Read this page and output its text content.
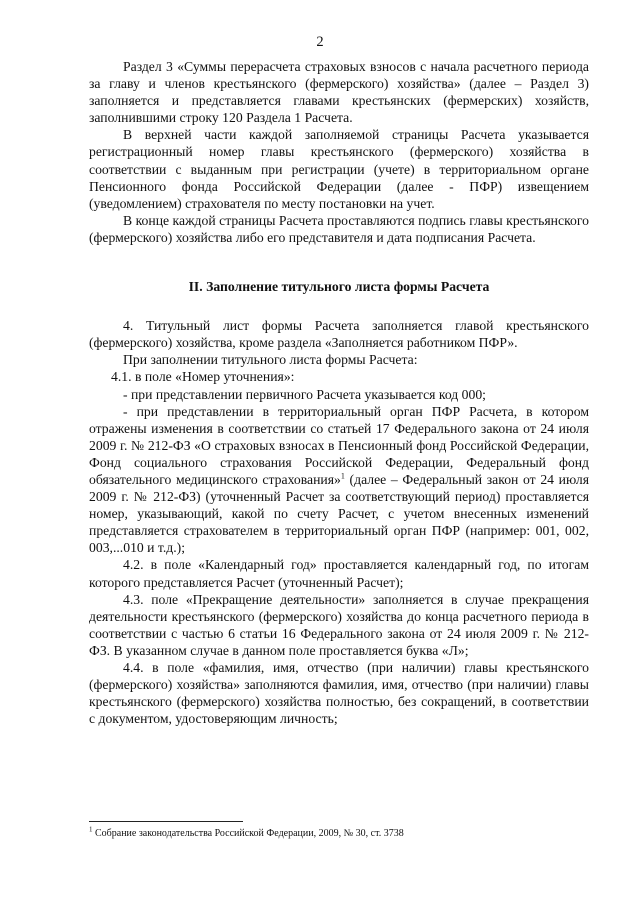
2

Раздел 3 «Суммы перерасчета страховых взносов с начала расчетного периода за главу и членов крестьянского (фермерского) хозяйства» (далее – Раздел 3) заполняется и представляется главами крестьянских (фермерских) хозяйств, заполнившими строку 120 Раздела 1 Расчета.

В верхней части каждой заполняемой страницы Расчета указывается регистрационный номер главы крестьянского (фермерского) хозяйства в соответствии с выданным при регистрации (учете) в территориальном органе Пенсионного фонда Российской Федерации (далее - ПФР) извещением (уведомлением) страхователя по месту постановки на учет.

В конце каждой страницы Расчета проставляются подпись главы крестьянского (фермерского) хозяйства либо его представителя и дата подписания Расчета.

II. Заполнение титульного листа формы Расчета

4. Титульный лист формы Расчета заполняется главой крестьянского (фермерского) хозяйства, кроме раздела «Заполняется работником ПФР».

При заполнении титульного листа формы Расчета:

4.1. в поле «Номер уточнения»:

- при представлении первичного Расчета указывается код 000;

- при представлении в территориальный орган ПФР Расчета, в котором отражены изменения в соответствии со статьей 17 Федерального закона от 24 июля 2009 г. № 212-ФЗ «О страховых взносах в Пенсионный фонд Российской Федерации, Фонд социального страхования Российской Федерации, Федеральный фонд обязательного медицинского страхования»$^1$ (далее – Федеральный закон от 24 июля 2009 г. № 212-ФЗ) (уточненный Расчет за соответствующий период) проставляется номер, указывающий, какой по счету Расчет, с учетом внесенных изменений представляется страхователем в территориальный орган ПФР (например: 001, 002, 003,...010 и т.д.);

4.2. в поле «Календарный год» проставляется календарный год, по итогам которого представляется Расчет (уточненный Расчет);

4.3. поле «Прекращение деятельности» заполняется в случае прекращения деятельности крестьянского (фермерского) хозяйства до конца расчетного периода в соответствии с частью 6 статьи 16 Федерального закона от 24 июля 2009 г. № 212-ФЗ. В указанном случае в данном поле проставляется буква «Л»;

4.4. в поле «фамилия, имя, отчество (при наличии) главы крестьянского (фермерского) хозяйства» заполняются фамилия, имя, отчество (при наличии) главы крестьянского (фермерского) хозяйства полностью, без сокращений, в соответствии с документом, удостоверяющим личность;

$^1$ Собрание законодательства Российской Федерации, 2009, № 30, ст. 3738
